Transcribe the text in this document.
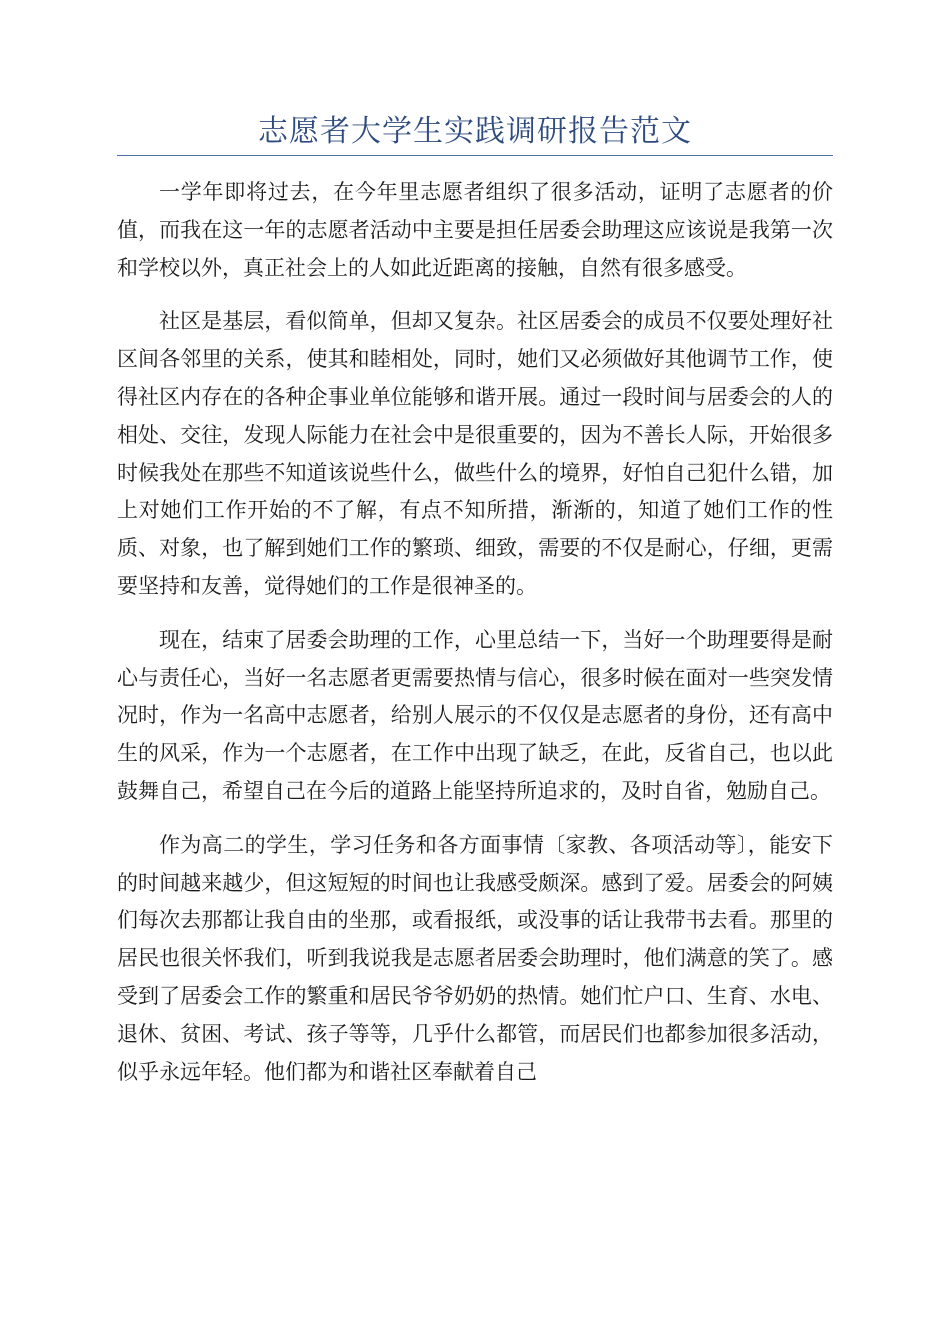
志愿者大学生实践调研报告范文

一学年即将过去，在今年里志愿者组织了很多活动，证明了志愿者的价值，而我在这一年的志愿者活动中主要是担任居委会助理这应该说是我第一次和学校以外，真正社会上的人如此近距离的接触，自然有很多感受。

社区是基层，看似简单，但却又复杂。社区居委会的成员不仅要处理好社区间各邻里的关系，使其和睦相处，同时，她们又必须做好其他调节工作，使得社区内存在的各种企事业单位能够和谐开展。通过一段时间与居委会的人的相处、交往，发现人际能力在社会中是很重要的，因为不善长人际，开始很多时候我处在那些不知道该说些什么，做些什么的境界，好怕自己犯什么错，加上对她们工作开始的不了解，有点不知所措，渐渐的，知道了她们工作的性质、对象，也了解到她们工作的繁琐、细致，需要的不仅是耐心，仔细，更需要坚持和友善，觉得她们的工作是很神圣的。

现在，结束了居委会助理的工作，心里总结一下，当好一个助理要得是耐心与责任心，当好一名志愿者更需要热情与信心，很多时候在面对一些突发情况时，作为一名高中志愿者，给别人展示的不仅仅是志愿者的身份，还有高中生的风采，作为一个志愿者，在工作中出现了缺乏，在此，反省自己，也以此鼓舞自己，希望自己在今后的道路上能坚持所追求的，及时自省，勉励自己。

作为高二的学生，学习任务和各方面事情〔家教、各项活动等〕，能安下的时间越来越少，但这短短的时间也让我感受颇深。感到了爱。居委会的阿姨们每次去那都让我自由的坐那，或看报纸，或没事的话让我带书去看。那里的居民也很关怀我们，听到我说我是志愿者居委会助理时，他们满意的笑了。感受到了居委会工作的繁重和居民爷爷奶奶的热情。她们忙户口、生育、水电、退休、贫困、考试、孩子等等，几乎什么都管，而居民们也都参加很多活动，似乎永远年轻。他们都为和谐社区奉献着自己
